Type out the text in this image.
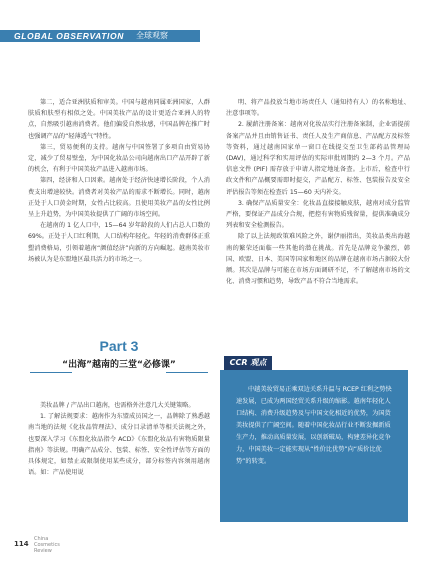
GLOBAL OBSERVATION 全球观察

第二，适合亚洲肤质和审美。中国与越南同属亚洲国家，人群肤质和肤型有相似之处。中国美妆产品的设计更适合亚洲人的特点，自然吸引越南消费者。他们偏爱自然妆感，中国品牌在推广时也强调产品的“轻薄透气”特性。

第三，贸易便利的支持。越南与中国签署了多项自由贸易协定，减少了贸易壁垒，为中国化妆品公司向越南出口产品开辟了新的机会，有利于中国美妆产品进入越南市场。

第四，经济和人口因素。越南处于经济快速增长阶段，个人消费支出增速较快。消费者对美妆产品的需求不断增长。同时，越南正处于人口黄金时期，女性占比较高。且使用美妆产品的女性比例呈上升趋势，为中国美妆提供了广阔的市场空间。

在越南的 1 亿人口中，15—64 岁年龄段的人们占总人口数的 69%。正处于人口红利期，人口结构年轻化。年轻的消费群体正重塑消费格局，引领着越南“颜值经济”向新的方向崛起。越南美妆市场被认为是东盟地区最具活力的市场之一。

Part 3
“出海”越南的三堂“必修课”

美妆品牌 / 产品出口越南，也需格外注意几大关键策略。

1. 了解法规要求：越南作为东盟成员国之一，品牌除了熟悉越南当地的法规《化妆品管理法》、成分目录清单等相关法规之外，也要深入学习《东盟化妆品指令 ACD》《东盟化妆品有害物质限量指南》等法规。明确产品成分、包装、标签、安全性评估等方面的具体规定，如禁止或限制使用某些成分，部分标签内容须用越南语。如：产品使用说

明、将产品投放当地市场责任人（通知持有人）的名称地址、注意事项等。

2. 履薪注册备案：越南对化妆品实行注册备案制，企业需提前备案产品并且由销售证书、责任人及生产商信息、产品配方及标签等资料，通过越南国家单一窗口在线提交至卫生部药品管理局 (DAV)，通过科学和实用评估的实际审批周期约 2—3 个月。产品信息文件 (PIF) 需存放于申请人指定地址备查。上市后，检查中行政文件和产品概要需即时提交，产品配方、标签、包装报告及安全评估报告等须在检查后 15—60 天内补交。

3. 确保产品质量安全：化妆品直接接触皮肤，越南对成分监管严格，要保证产品成分合规，把控有害物质残留量，提供准确成分列表和安全检测报告。

除了以上法规政策难风险之外，谢伊丽指出，美妆品类出海越南的繁荣还面临一些其他的潜在挑战。首先是品牌竞争激烈，韩国、欧盟、日本、美国等国家和地区的品牌在越南市场占据较大份额。其次是品牌与可能在市场方面调研不足，不了解越南市场的文化、消费习惯和趋势，导致产品不符合当地需求。

CCR 观点

中越美妆贸易正乘双边关系升温与 RCEP 红利之势快速发展，已成为两国经贸关系升级的缩影。越南年轻化人口结构、消费升级趋势及与中国文化相近的优势，为国货美妆提供了广阔空间。随着中国化妆品行业不断发掘新质生产力，推动高质量发展，以创新破局，构建差异化竞争力，中国美妆一定能实现从“性价比优势”向“质价比优势”的转变。

114
China
Cosmetics
Review
